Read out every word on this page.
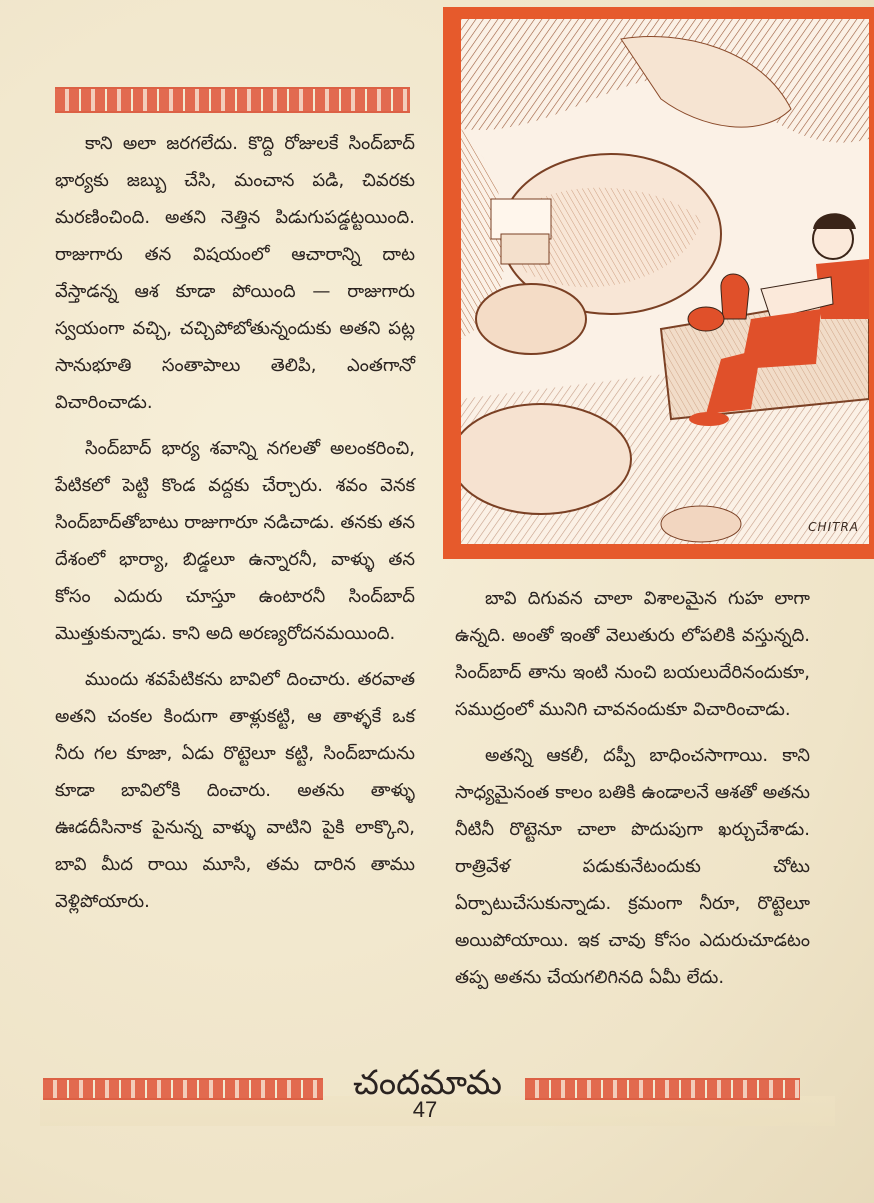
కాని అలా జరగలేదు. కొద్ది రోజులకే సింద్‌బాద్ భార్యకు జబ్బు చేసి, మంచాన పడి, చివరకు మరణించింది. అతని నెత్తిన పిడుగుపడ్డట్టయింది. రాజుగారు తన విషయంలో ఆచారాన్ని దాట వేస్తాడన్న ఆశ కూడా పోయింది — రాజుగారు స్వయంగా వచ్చి, చచ్చిపోబోతున్నందుకు అతని పట్ల సానుభూతి సంతాపాలు తెలిపి, ఎంతగానో విచారించాడు.

సింద్‌బాద్ భార్య శవాన్ని నగలతో అలంకరించి, పేటికలో పెట్టి కొండ వద్దకు చేర్చారు. శవం వెనక సింద్‌బాద్‌తోబాటు రాజుగారూ నడిచాడు. తనకు తన దేశంలో భార్యా, బిడ్డలూ ఉన్నారనీ, వాళ్ళు తన కోసం ఎదురు చూస్తూ ఉంటారనీ సింద్‌బాద్ మొత్తుకున్నాడు. కాని అది అరణ్యరోదనమయింది.

ముందు శవపేటికను బావిలో దించారు. తరవాత అతని చంకల కిందుగా తాళ్లుకట్టి, ఆ తాళ్ళకే ఒక నీరు గల కూజా, ఏడు రొట్టెలూ కట్టి, సింద్‌బాదును కూడా బావిలోకి దించారు. అతను తాళ్ళు ఊడదీసినాక పైనున్న వాళ్ళు వాటిని పైకి లాక్కొని, బావి మీద రాయి మూసి, తమ దారిన తాము వెళ్లిపోయారు.

CHITRA

బావి దిగువన చాలా విశాలమైన గుహ లాగా ఉన్నది. అంతో ఇంతో వెలుతురు లోపలికి వస్తున్నది. సింద్‌బాద్ తాను ఇంటి నుంచి బయలుదేరినందుకూ, సముద్రంలో మునిగి చావనందుకూ విచారించాడు.

అతన్ని ఆకలీ, దప్పీ బాధించసాగాయి. కాని సాధ్యమైనంత కాలం బతికి ఉండాలనే ఆశతో అతను నీటినీ రొట్టెనూ చాలా పొదుపుగా ఖర్చుచేశాడు. రాత్రివేళ పడుకునేటందుకు చోటు ఏర్పాటుచేసుకున్నాడు. క్రమంగా నీరూ, రొట్టెలూ అయిపోయాయి. ఇక చావు కోసం ఎదురుచూడటం తప్ప అతను చేయగలిగినది ఏమీ లేదు.

చందమామ
47
